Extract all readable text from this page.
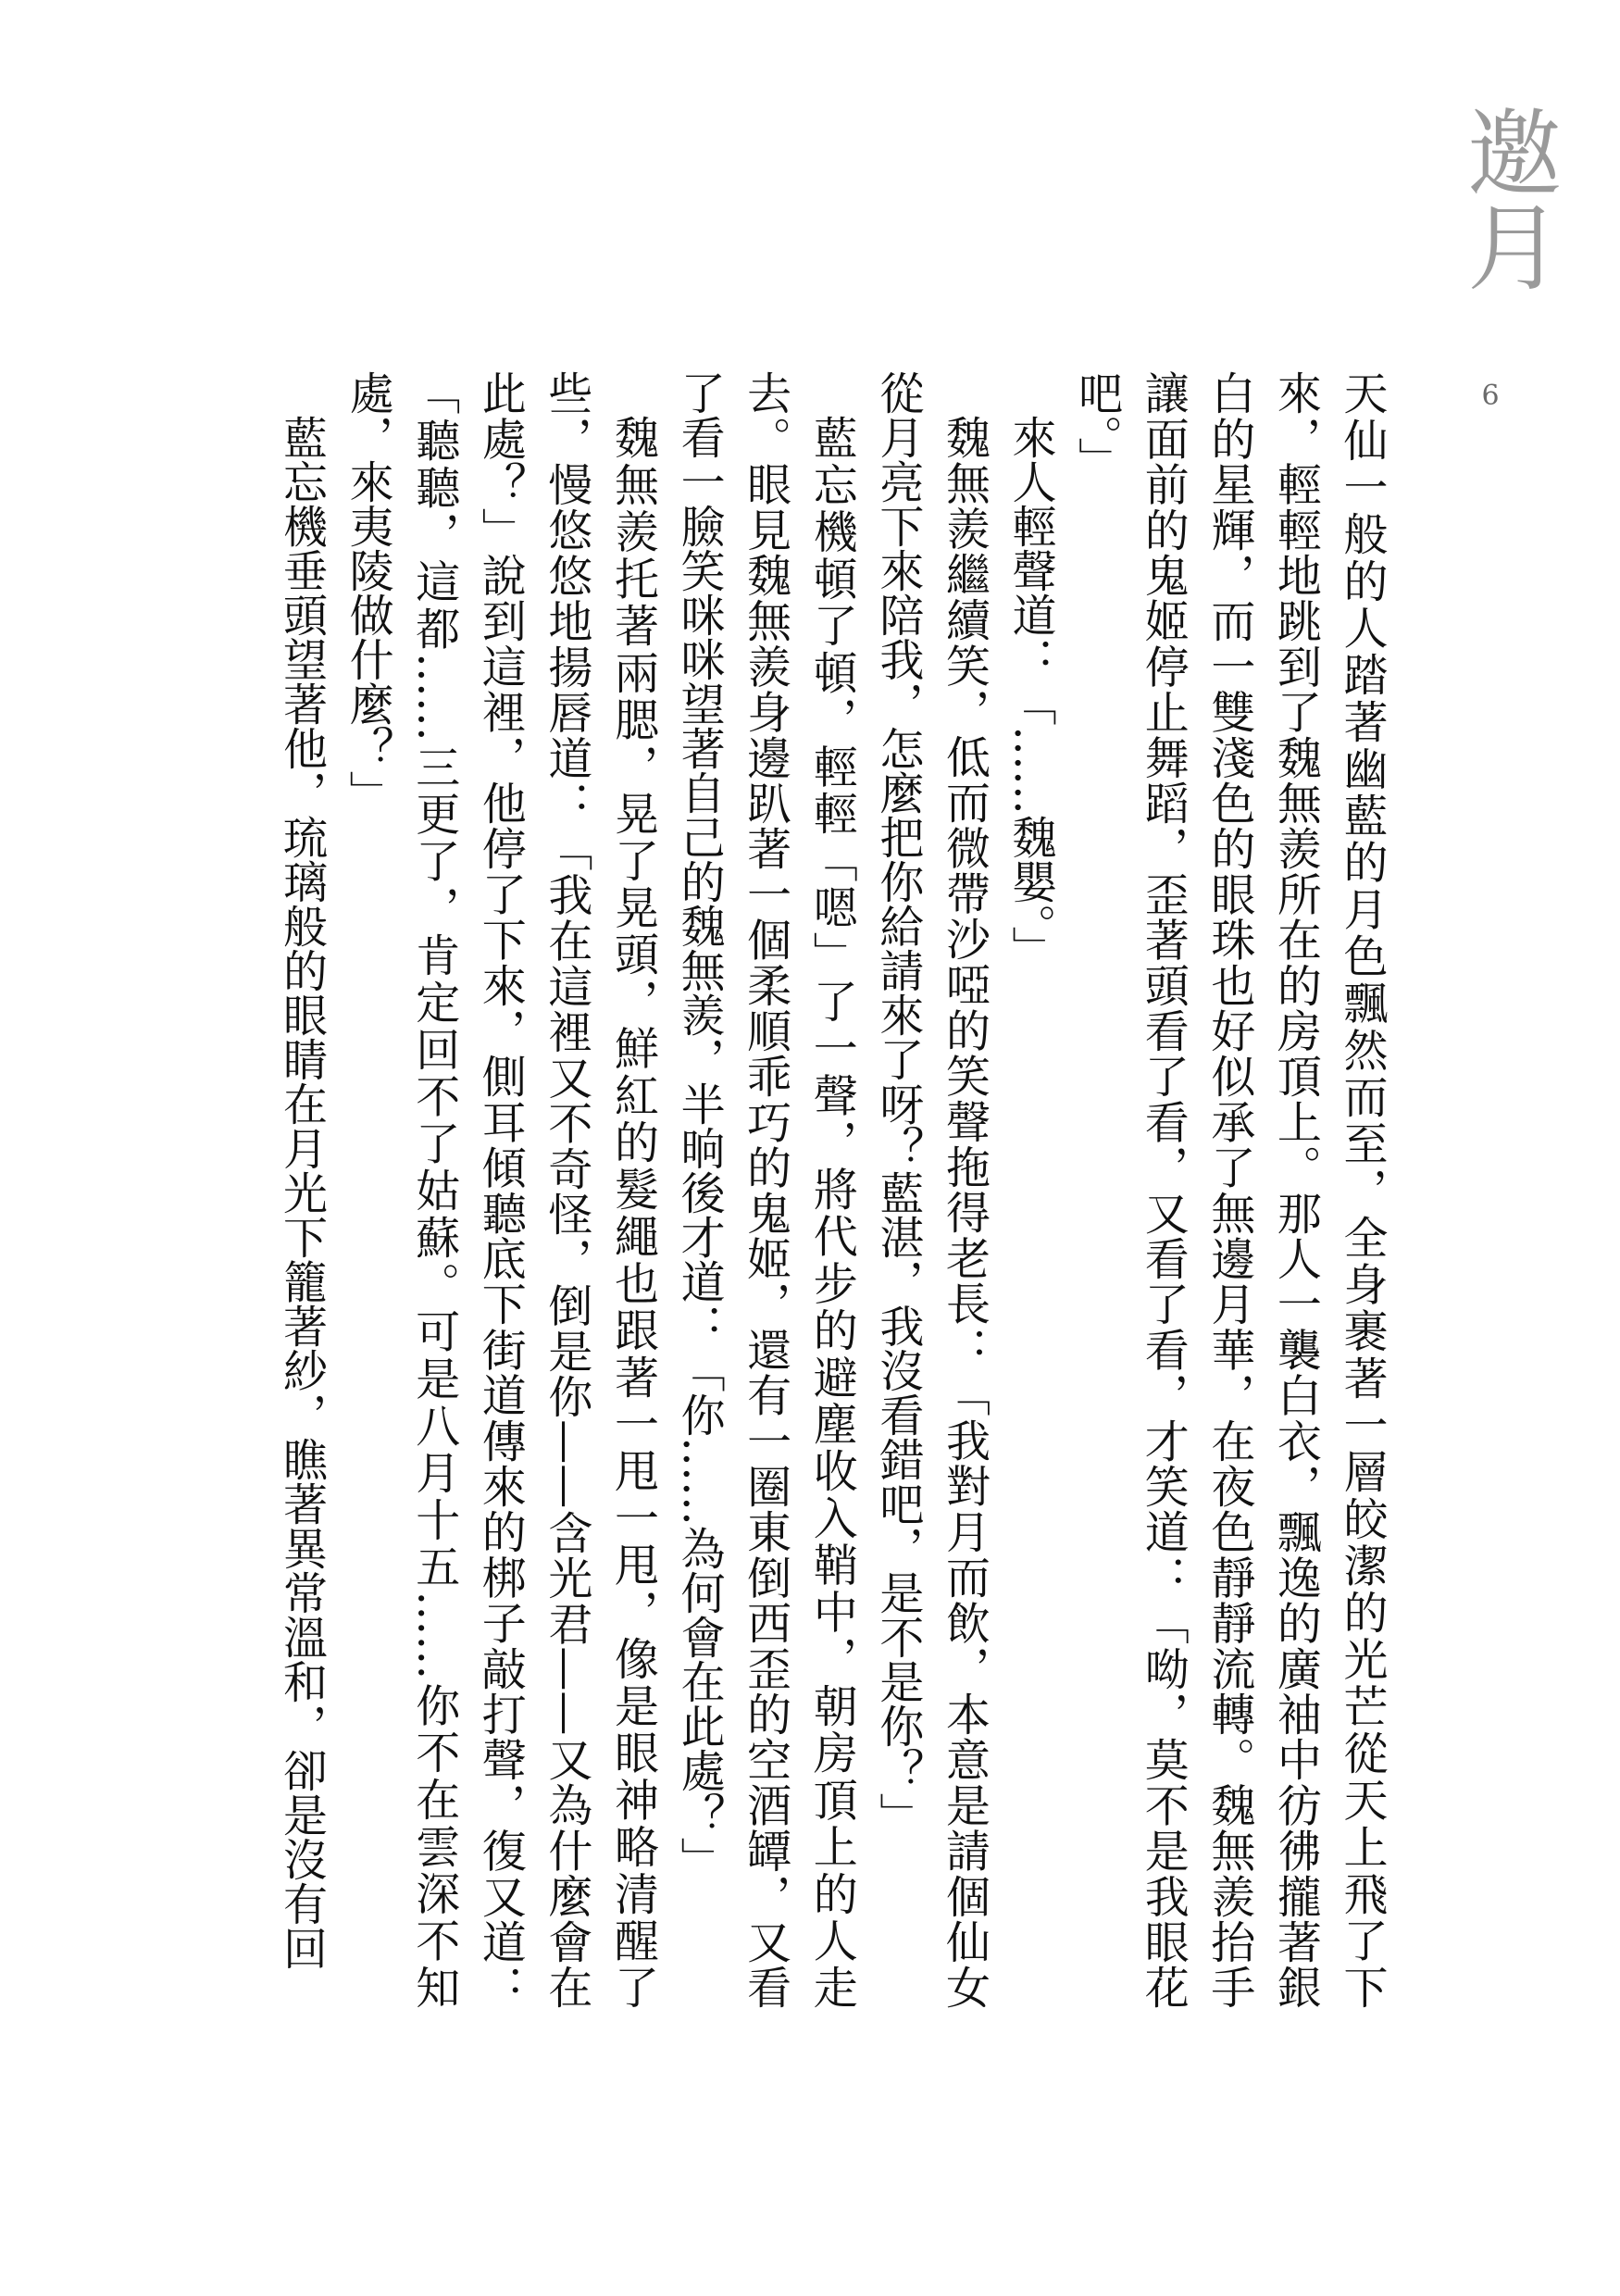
邀月
6

天仙一般的人踏著幽藍的月色飄然而至，全身裹著一層皎潔的光芒從天上飛了下來，輕輕地跳到了魏無羨所在的房頂上。那人一襲白衣，飄逸的廣袖中彷彿攏著銀白的星輝，而一雙淺色的眼珠也好似承了無邊月華，在夜色靜靜流轉。魏無羨抬手讓面前的鬼姬停止舞蹈，歪著頭看了看，又看了看，才笑道：「呦，莫不是我眼花吧。」

來人輕聲道：「……魏嬰。」

魏無羨繼續笑，低而微帶沙啞的笑聲拖得老長：「我對月而飲，本意是請個仙女從月亮下來陪我，怎麼把你給請來了呀？藍湛，我沒看錯吧，是不是你？」

藍忘機頓了頓，輕輕「嗯」了一聲，將代步的避塵收入鞘中，朝房頂上的人走去。眼見魏無羨身邊趴著一個柔順乖巧的鬼姬，還有一圈東倒西歪的空酒罈，又看了看一臉笑咪咪望著自己的魏無羨，半晌後才道：「你……為何會在此處？」

魏無羨托著兩腮，晃了晃頭，鮮紅的髮繩也跟著一甩一甩，像是眼神略清醒了些，慢悠悠地揚唇道：「我在這裡又不奇怪，倒是你——含光君——又為什麼會在此處？」說到這裡，他停了下來，側耳傾聽底下街道傳來的梆子敲打聲，復又道：「聽聽，這都……三更了，肯定回不了姑蘇。可是八月十五……你不在雲深不知處，來夷陵做什麼？」

藍忘機垂頭望著他，琉璃般的眼睛在月光下籠著紗，瞧著異常溫和，卻是沒有回
